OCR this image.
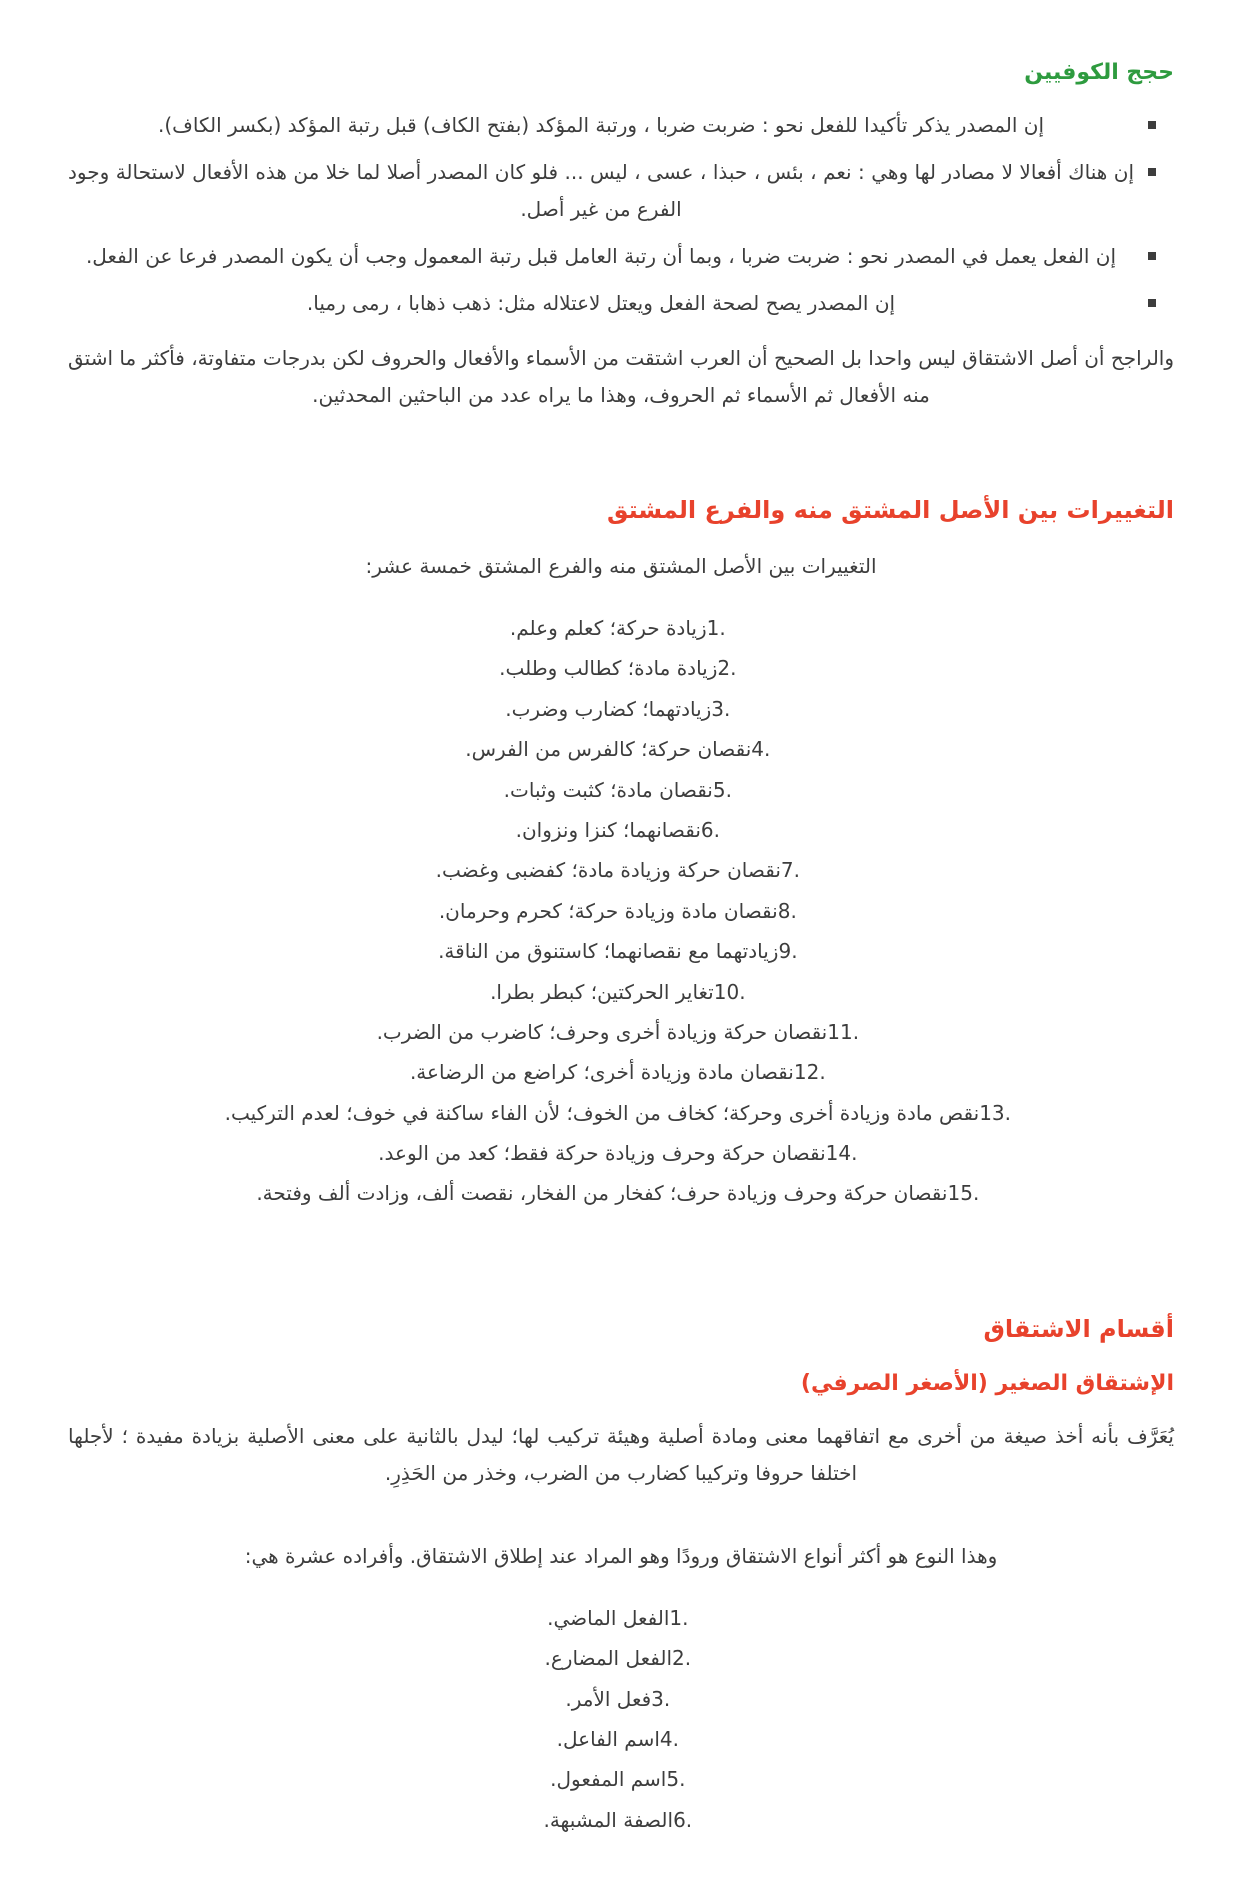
حجج الكوفيين
إن المصدر يذكر تأكيدا للفعل نحو : ضربت ضربا ، ورتبة المؤكد (بفتح الكاف) قبل رتبة المؤكد (بكسر الكاف).
إن هناك أفعالا لا مصادر لها وهي : نعم ، بئس ، حبذا ، عسى ، ليس ... فلو كان المصدر أصلا لما خلا من هذه الأفعال لاستحالة وجود الفرع من غير أصل.
إن الفعل يعمل في المصدر نحو : ضربت ضربا ، وبما أن رتبة العامل قبل رتبة المعمول وجب أن يكون المصدر فرعا عن الفعل.
إن المصدر يصح لصحة الفعل ويعتل لاعتلاله مثل: ذهب ذهابا ، رمى رميا.

والراجح أن أصل الاشتقاق ليس واحدا بل الصحيح أن العرب اشتقت من الأسماء والأفعال والحروف لكن بدرجات متفاوتة، فأكثر ما اشتق منه الأفعال ثم الأسماء ثم الحروف، وهذا ما يراه عدد من الباحثين المحدثين.

التغييرات بين الأصل المشتق منه والفرع المشتق

التغييرات بين الأصل المشتق منه والفرع المشتق خمسة عشر:

زيادة حركة؛ كعلم وعلم.
زيادة مادة؛ كطالب وطلب.
زيادتهما؛ كضارب وضرب.
نقصان حركة؛ كالفرس من الفرس.
نقصان مادة؛ كثبت وثبات.
نقصانهما؛ كنزا ونزوان.
نقصان حركة وزيادة مادة؛ كفضبى وغضب.
نقصان مادة وزيادة حركة؛ كحرم وحرمان.
زيادتهما مع نقصانهما؛ كاستنوق من الناقة.
تغاير الحركتين؛ كبطر بطرا.
نقصان حركة وزيادة أخرى وحرف؛ كاضرب من الضرب.
نقصان مادة وزيادة أخرى؛ كراضع من الرضاعة.
نقص مادة وزيادة أخرى وحركة؛ كخاف من الخوف؛ لأن الفاء ساكنة في خوف؛ لعدم التركيب.
نقصان حركة وحرف وزيادة حركة فقط؛ كعد من الوعد.
نقصان حركة وحرف وزيادة حرف؛ كفخار من الفخار، نقصت ألف، وزادت ألف وفتحة.
أقسام الاشتقاق
الإشتقاق الصغير (الأصغر الصرفي)

يُعَرَّف بأنه أخذ صيغة من أخرى مع اتفاقهما معنى ومادة أصلية وهيئة تركيب لها؛ ليدل بالثانية على معنى الأصلية بزيادة مفيدة ؛ لأجلها اختلفا حروفا وتركيبا كضارب من الضرب، وخذر من الحَذِرِ.

وهذا النوع هو أكثر أنواع الاشتقاق ورودًا وهو المراد عند إطلاق الاشتقاق. وأفراده عشرة هي:

الفعل الماضي.
الفعل المضارع.
فعل الأمر.
اسم الفاعل.
اسم المفعول.
الصفة المشبهة.
